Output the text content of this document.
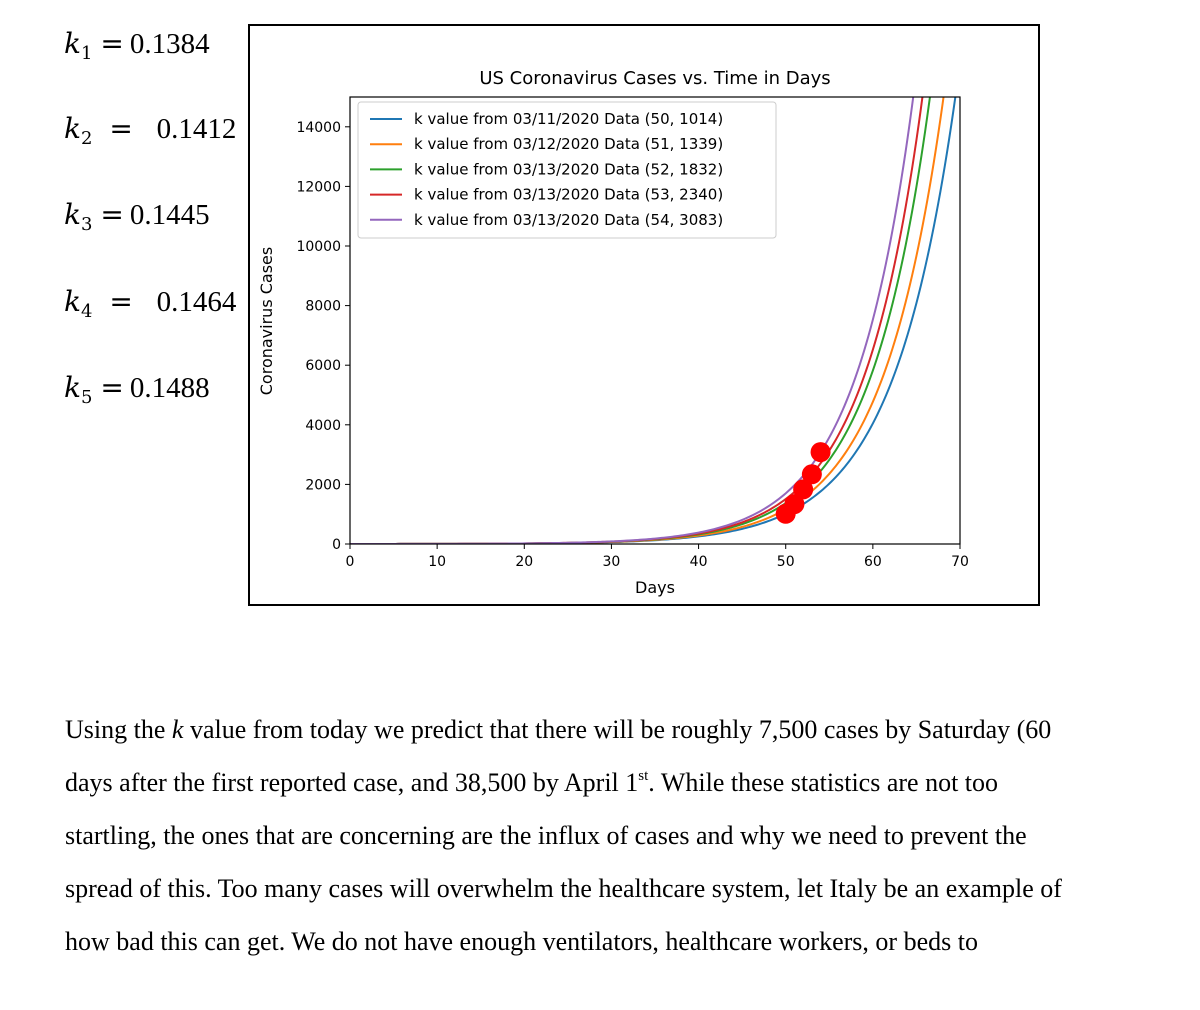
$k_1 = 0.1384$
$k_2 = 0.1412$
$k_3 = 0.1445$
$k_4 = 0.1464$
$k_5 = 0.1488$
0	10	20	30	40	50	60	70
0
2000
4000
6000
8000
10000
12000
14000
US Coronavirus Cases vs. Time in Days
Days
Coronavirus Cases
k value from 03/11/2020 Data (50, 1014)
k value from 03/12/2020 Data (51, 1339)
k value from 03/13/2020 Data (52, 1832)
k value from 03/13/2020 Data (53, 2340)
k value from 03/13/2020 Data (54, 3083)
Using the k value from today we predict that there will be roughly 7,500 cases by Saturday (60
days after the first reported case, and 38,500 by April 1st. While these statistics are not too
startling, the ones that are concerning are the influx of cases and why we need to prevent the
spread of this. Too many cases will overwhelm the healthcare system, let Italy be an example of
how bad this can get. We do not have enough ventilators, healthcare workers, or beds to
